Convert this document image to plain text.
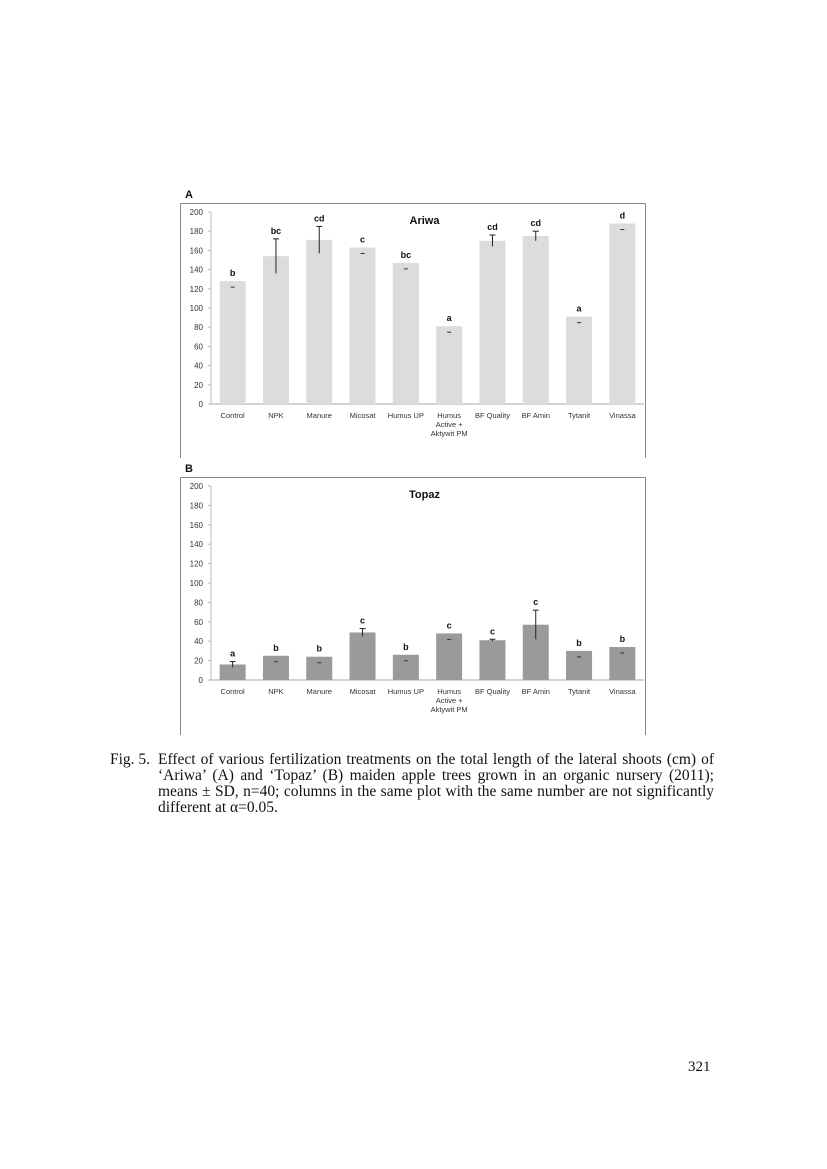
A
Ariwa
0
20
40
60
80
100
120
140
160
180
200
b
Control
bc
NPK
cd
Manure
c
Micosat
bc
Humus UP
a
Humus
Active +
Aktywit PM
cd
BF Quality
cd
BF Amin
a
Tytanit
d
Vinassa
B
Topaz
0
20
40
60
80
100
120
140
160
180
200
a
Control
b
NPK
b
Manure
c
Micosat
b
Humus UP
c
Humus
Active +
Aktywit PM
c
BF Quality
c
BF Amin
b
Tytanit
b
Vinassa
Fig. 5. Effect of various fertilization treatments on the total length of the lateral shoots (cm) of ‘Ariwa’ (A) and ‘Topaz’ (B) maiden apple trees grown in an organic nursery (2011); means ± SD, n=40; columns in the same plot with the same number are not significantly different at α=0.05.
321
